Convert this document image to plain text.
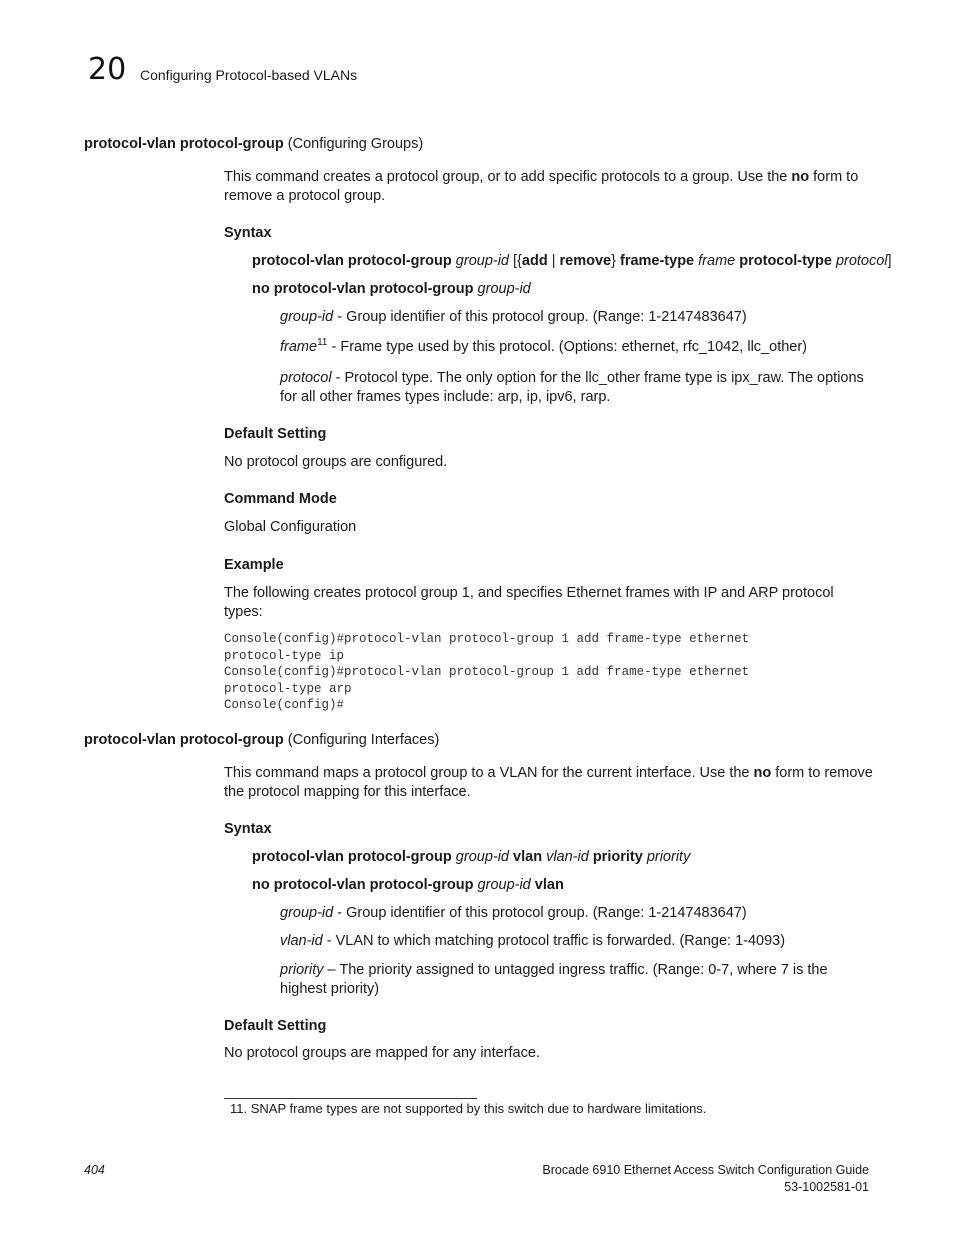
20 Configuring Protocol-based VLANs
protocol-vlan protocol-group (Configuring Groups)
This command creates a protocol group, or to add specific protocols to a group. Use the no form to remove a protocol group.
Syntax
protocol-vlan protocol-group group-id [{add | remove} frame-type frame protocol-type protocol]
no protocol-vlan protocol-group group-id
group-id - Group identifier of this protocol group. (Range: 1-2147483647)
frame$^{11}$ - Frame type used by this protocol. (Options: ethernet, rfc_1042, llc_other)
protocol - Protocol type. The only option for the llc_other frame type is ipx_raw. The options for all other frames types include: arp, ip, ipv6, rarp.
Default Setting
No protocol groups are configured.
Command Mode
Global Configuration
Example
The following creates protocol group 1, and specifies Ethernet frames with IP and ARP protocol types:
Console(config)#protocol-vlan protocol-group 1 add frame-type ethernet
protocol-type ip
Console(config)#protocol-vlan protocol-group 1 add frame-type ethernet
protocol-type arp
Console(config)#
protocol-vlan protocol-group (Configuring Interfaces)
This command maps a protocol group to a VLAN for the current interface. Use the no form to remove the protocol mapping for this interface.
Syntax
protocol-vlan protocol-group group-id vlan vlan-id priority priority
no protocol-vlan protocol-group group-id vlan
group-id - Group identifier of this protocol group. (Range: 1-2147483647)
vlan-id - VLAN to which matching protocol traffic is forwarded. (Range: 1-4093)
priority – The priority assigned to untagged ingress traffic. (Range: 0-7, where 7 is the highest priority)
Default Setting
No protocol groups are mapped for any interface.
11. SNAP frame types are not supported by this switch due to hardware limitations.
404	Brocade 6910 Ethernet Access Switch Configuration Guide
53-1002581-01
